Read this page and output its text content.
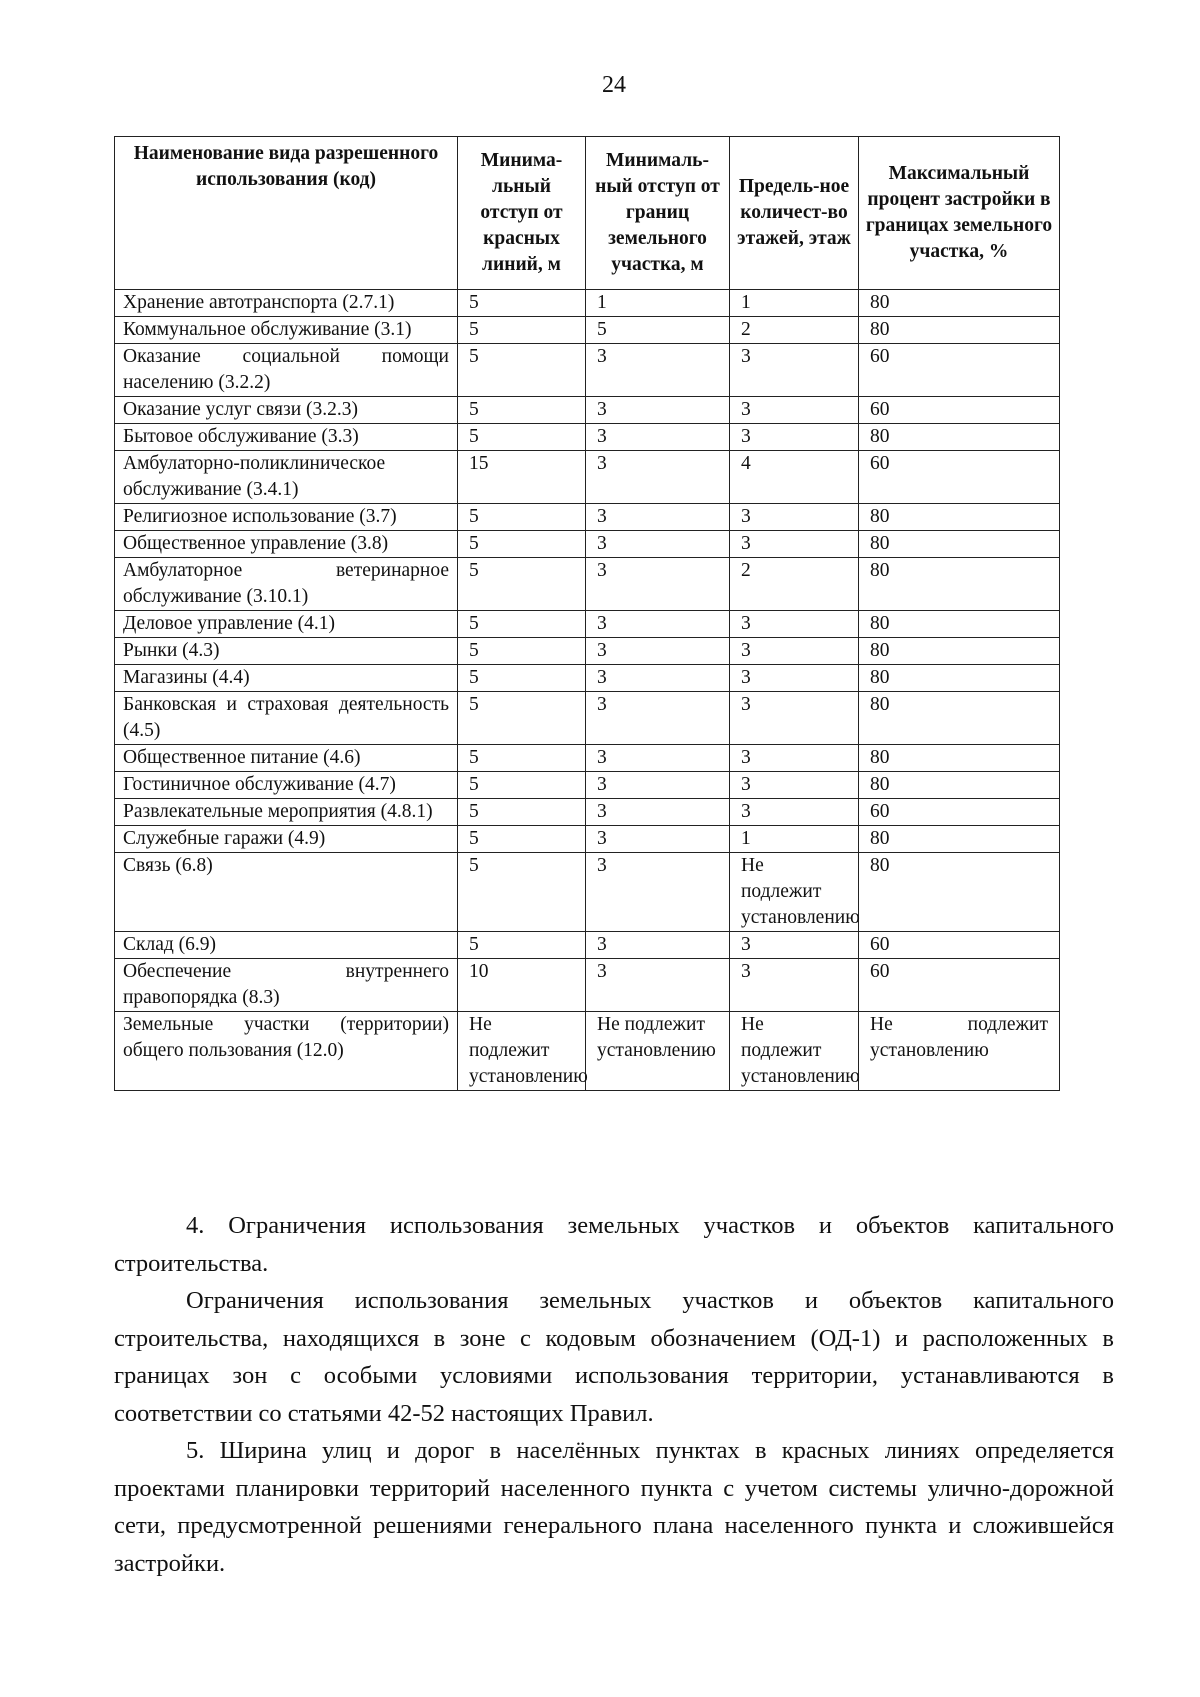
24
Наименование вида разрешенного использования (код)	Минима-льный отступ от красных линий, м	Минималь-ный отступ от границ земельного участка, м	Предель-ное количест-во этажей, этаж	Максимальный процент застройки в границах земельного участка, %
Хранение автотранспорта (2.7.1)	5	1	1	80
Коммунальное обслуживание (3.1)	5	5	2	80
Оказание социальной помощи населению (3.2.2)	5	3	3	60
Оказание услуг связи (3.2.3)	5	3	3	60
Бытовое обслуживание (3.3)	5	3	3	80
Амбулаторно-поликлиническое обслуживание (3.4.1)	15	3	4	60
Религиозное использование (3.7)	5	3	3	80
Общественное управление (3.8)	5	3	3	80
Амбулаторное ветеринарное обслуживание (3.10.1)	5	3	2	80
Деловое управление (4.1)	5	3	3	80
Рынки (4.3)	5	3	3	80
Магазины (4.4)	5	3	3	80
Банковская и страховая деятельность (4.5)	5	3	3	80
Общественное питание (4.6)	5	3	3	80
Гостиничное обслуживание (4.7)	5	3	3	80
Развлекательные мероприятия (4.8.1)	5	3	3	60
Служебные гаражи (4.9)	5	3	1	80
Связь (6.8)	5	3	Не подлежит установлению	80
Склад (6.9)	5	3	3	60
Обеспечение внутреннего правопорядка (8.3)	10	3	3	60
Земельные участки (территории) общего пользования (12.0)	Не подлежит установлению	Не подлежит установлению	Не подлежит установлению	Не подлежит установлению

4. Ограничения использования земельных участков и объектов капитального строительства.

Ограничения использования земельных участков и объектов капитального строительства, находящихся в зоне с кодовым обозначением (ОД-1) и расположенных в границах зон с особыми условиями использования территории, устанавливаются в соответствии со статьями 42-52 настоящих Правил.

5. Ширина улиц и дорог в населённых пунктах в красных линиях определяется проектами планировки территорий населенного пункта с учетом системы улично-дорожной сети, предусмотренной решениями генерального плана населенного пункта и сложившейся застройки.
